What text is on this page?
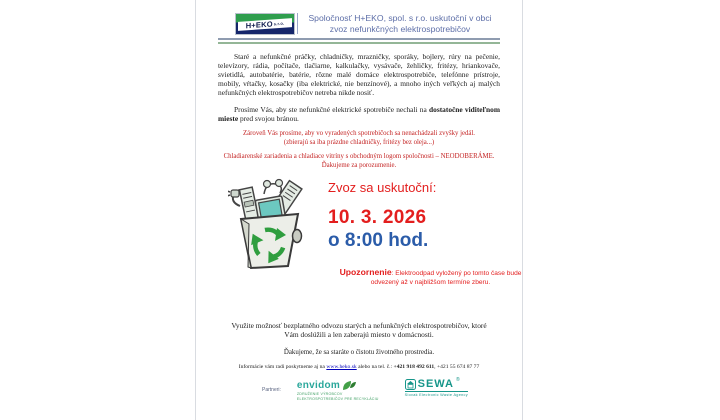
H+EKO s.r.o.
Spoločnosť H+EKO, spol. s r.o. uskutoční v obci
zvoz nefunkčných elektrospotrebičov

Staré a nefunkčné práčky, chladničky, mrazničky, sporáky, bojlery, rúry na pečenie, televízory, rádia, počítače, tlačiarne, kalkulačky, vysávače, žehličky, fritézy, hriankovače, svietidlá, autobatérie, batérie, rôzne malé domáce elektrospotrebiče, telefónne prístroje, mobily, vŕtačky, kosačky (iba elektrické, nie benzínové), a mnoho iných veľkých aj malých nefunkčných elektrospotrebičov netreba nikde nosiť.

Prosíme Vás, aby ste nefunkčné elektrické spotrebiče nechali na dostatočne viditeľnom mieste pred svojou bránou.

Zároveň Vás prosíme, aby vo vyradených spotrebičoch sa nenachádzali zvyšky jedál.
(zbierajú sa iba prázdne chladničky, fritézy bez oleja...)
Chladiarenské zariadenia a chladiace vitríny s obchodným logom spoločnosti – NEODOBERÁME.
Ďakujeme za porozumenie.
Zvoz sa uskutoční:
10. 3. 2026
o 8:00 hod.
Upozornenie: Elektroodpad vyložený po tomto čase bude odvezený až v najbližšom termíne zberu.

Využite možnosť bezplatného odvozu starých a nefunkčných elektrospotrebičov, ktoré Vám doslúžili a len zaberajú miesto v domácnosti.

Ďakujeme, že sa staráte o čistotu životného prostredia.

Informácie vám radi poskytneme aj na www.heko.sk alebo na tel. č.: +421 918 492 611, +421 55 674 87 77

Partneri: envidom
ZDRUŽENIE VÝROBCOV
ELEKTROSPOTREBIČOV PRE RECYKLÁCIU
SEWA ®
Slovak Electronic Waste Agency
